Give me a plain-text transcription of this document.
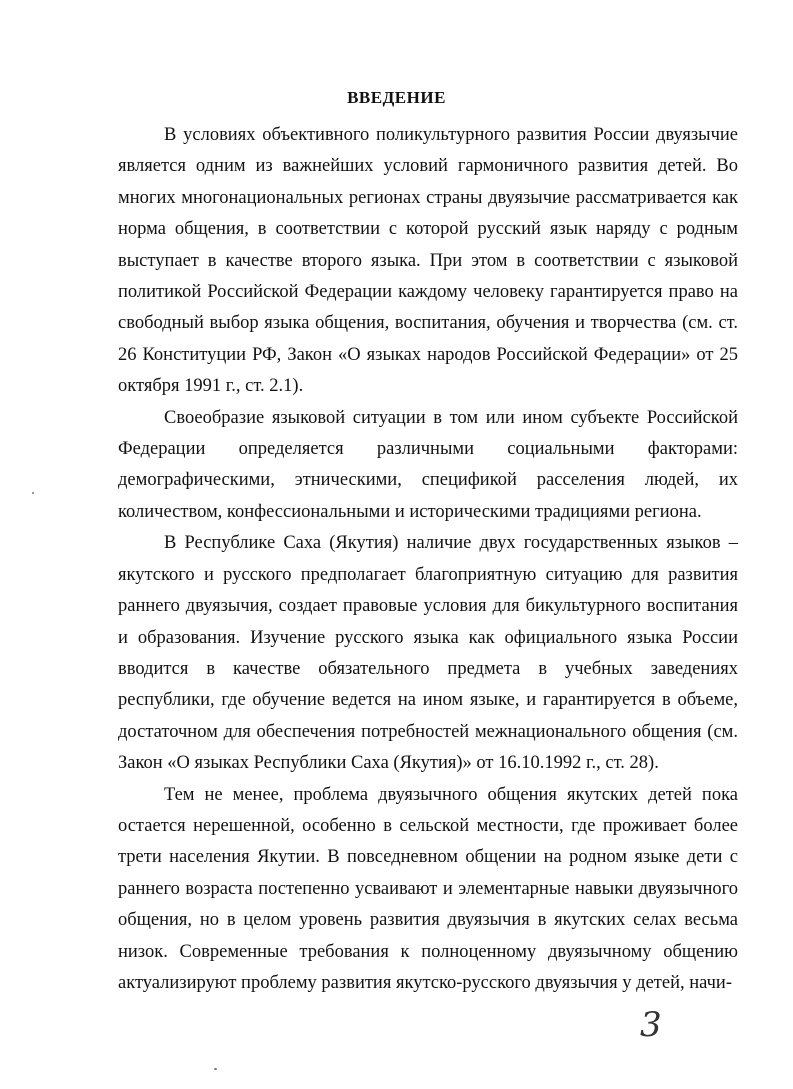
ВВЕДЕНИЕ

В условиях объективного поликультурного развития России двуязычие является одним из важнейших условий гармоничного развития детей. Во многих многонациональных регионах страны двуязычие рассматривается как норма общения, в соответствии с которой русский язык наряду с родным выступает в качестве второго языка. При этом в соответствии с языковой политикой Российской Федерации каждому человеку гарантируется право на свободный выбор языка общения, воспитания, обучения и творчества (см. ст. 26 Конституции РФ, Закон «О языках народов Российской Федерации» от 25 октября 1991 г., ст. 2.1).

Своеобразие языковой ситуации в том или ином субъекте Российской Федерации определяется различными социальными факторами: демографическими, этническими, спецификой расселения людей, их количеством, конфессиональными и историческими традициями региона.

В Республике Саха (Якутия) наличие двух государственных языков – якутского и русского предполагает благоприятную ситуацию для развития раннего двуязычия, создает правовые условия для бикультурного воспитания и образования. Изучение русского языка как официального языка России вводится в качестве обязательного предмета в учебных заведениях республики, где обучение ведется на ином языке, и гарантируется в объеме, достаточном для обеспечения потребностей межнационального общения (см. Закон «О языках Республики Саха (Якутия)» от 16.10.1992 г., ст. 28).

Тем не менее, проблема двуязычного общения якутских детей пока остается нерешенной, особенно в сельской местности, где проживает более трети населения Якутии. В повседневном общении на родном языке дети с раннего возраста постепенно усваивают и элементарные навыки двуязычного общения, но в целом уровень развития двуязычия в якутских селах весьма низок. Современные требования к полноценному двуязычному общению актуализируют проблему развития якутско-русского двуязычия у детей, начи-

3
